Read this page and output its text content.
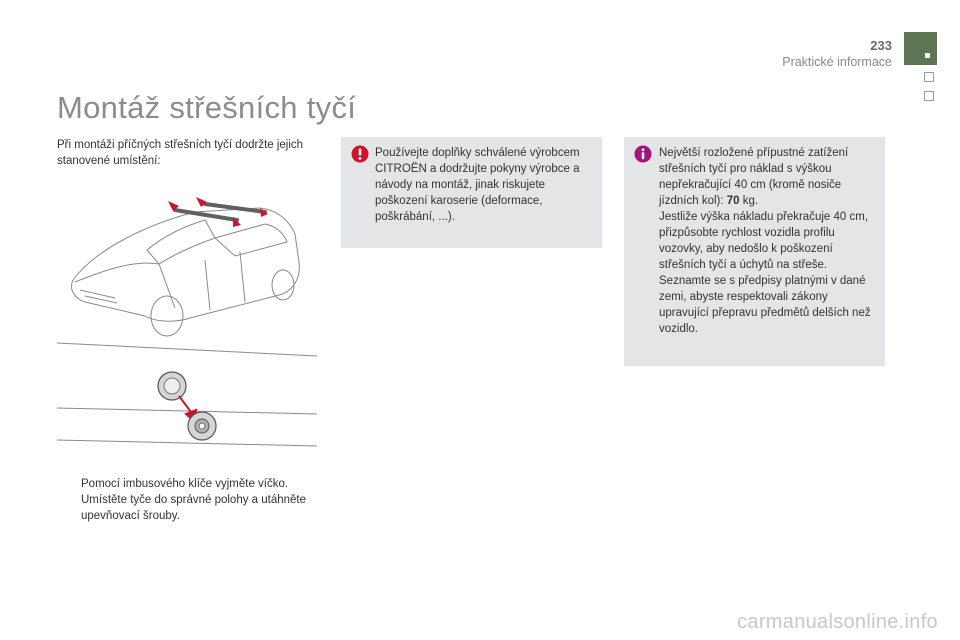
233
Praktické informace
Montáž střešních tyčí
Při montáži příčných střešních tyčí dodržte jejich stanovené umístění:
Pomocí imbusového klíče vyjměte víčko.
Umístěte tyče do správné polohy a utáhněte upevňovací šrouby.

Používejte doplňky schválené výrobcem CITROËN a dodržujte pokyny výrobce a návody na montáž, jinak riskujete poškození karoserie (deformace, poškrábání, ...).

Největší rozložené přípustné zatížení střešních tyčí pro náklad s výškou nepřekračující 40 cm (kromě nosiče jízdních kol): 70 kg.

Jestliže výška nákladu překračuje 40 cm, přizpůsobte rychlost vozidla profilu vozovky, aby nedošlo k poškození střešních tyčí a úchytů na střeše.

Seznamte se s předpisy platnými v dané zemi, abyste respektovali zákony upravující přepravu předmětů delších než vozidlo.

carmanualsonline.info
